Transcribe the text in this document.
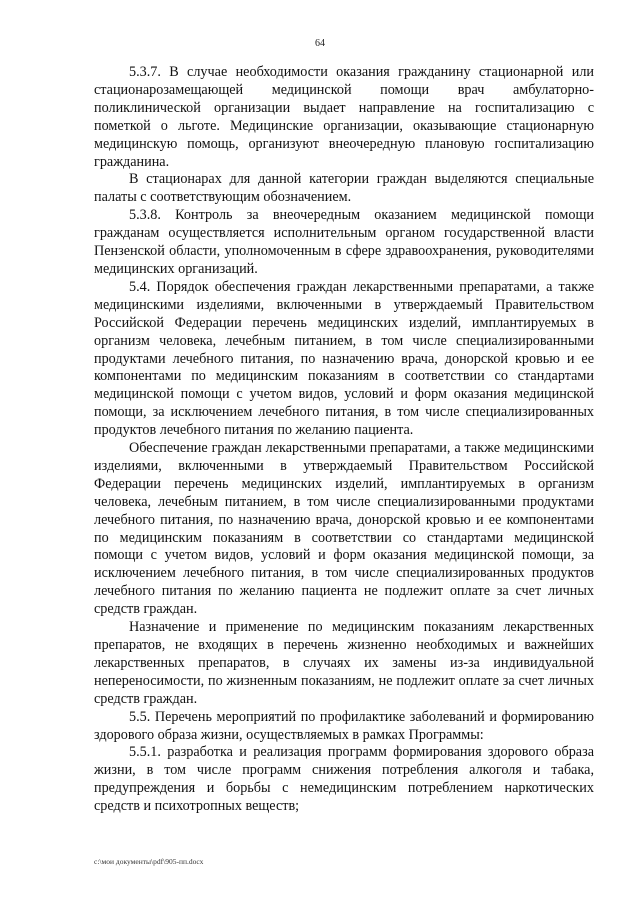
64

5.3.7. В случае необходимости оказания гражданину стационарной или стационарозамещающей медицинской помощи врач амбулаторно-поликлинической организации выдает направление на госпитализацию с пометкой о льготе. Медицинские организации, оказывающие стационарную медицинскую помощь, организуют внеочередную плановую госпитализацию гражданина.

В стационарах для данной категории граждан выделяются специальные палаты с соответствующим обозначением.

5.3.8. Контроль за внеочередным оказанием медицинской помощи гражданам осуществляется исполнительным органом государственной власти Пензенской области, уполномоченным в сфере здравоохранения, руководителями медицинских организаций.

5.4. Порядок обеспечения граждан лекарственными препаратами, а также медицинскими изделиями, включенными в утверждаемый Правительством Российской Федерации перечень медицинских изделий, имплантируемых в организм человека, лечебным питанием, в том числе специализированными продуктами лечебного питания, по назначению врача, донорской кровью и ее компонентами по медицинским показаниям в соответствии со стандартами медицинской помощи с учетом видов, условий и форм оказания медицинской помощи, за исключением лечебного питания, в том числе специализированных продуктов лечебного питания по желанию пациента.

Обеспечение граждан лекарственными препаратами, а также медицинскими изделиями, включенными в утверждаемый Правительством Российской Федерации перечень медицинских изделий, имплантируемых в организм человека, лечебным питанием, в том числе специализированными продуктами лечебного питания, по назначению врача, донорской кровью и ее компонентами по медицинским показаниям в соответствии со стандартами медицинской помощи с учетом видов, условий и форм оказания медицинской помощи, за исключением лечебного питания, в том числе специализированных продуктов лечебного питания по желанию пациента не подлежит оплате за счет личных средств граждан.

Назначение и применение по медицинским показаниям лекарственных препаратов, не входящих в перечень жизненно необходимых и важнейших лекарственных препаратов, в случаях их замены из-за индивидуальной непереносимости, по жизненным показаниям, не подлежит оплате за счет личных средств граждан.

5.5. Перечень мероприятий по профилактике заболеваний и формированию здорового образа жизни, осуществляемых в рамках Программы:

5.5.1. разработка и реализация программ формирования здорового образа жизни, в том числе программ снижения потребления алкоголя и табака, предупреждения и борьбы с немедицинским потреблением наркотических средств и психотропных веществ;

c:\мои документы\pdf\905-пп.docx
